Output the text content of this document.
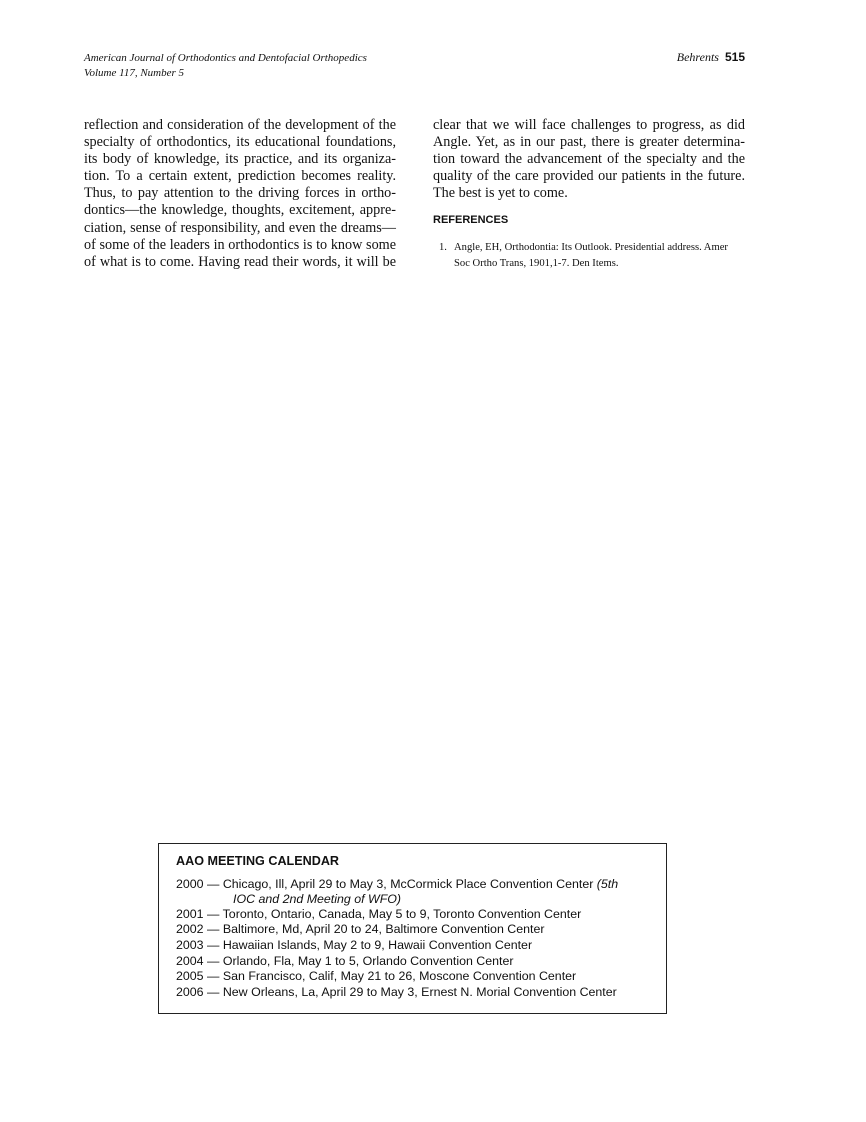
American Journal of Orthodontics and Dentofacial Orthopedics
Volume 117, Number 5
Behrents 515
reflection and consideration of the development of the
specialty of orthodontics, its educational foundations,
its body of knowledge, its practice, and its organiza-
tion. To a certain extent, prediction becomes reality.
Thus, to pay attention to the driving forces in ortho-
dontics—the knowledge, thoughts, excitement, appre-
ciation, sense of responsibility, and even the dreams—
of some of the leaders in orthodontics is to know some
of what is to come. Having read their words, it will be
clear that we will face challenges to progress, as did
Angle. Yet, as in our past, there is greater determina-
tion toward the advancement of the specialty and the
quality of the care provided our patients in the future.
The best is yet to come.
REFERENCES
1. Angle, EH, Orthodontia: Its Outlook. Presidential address. Amer
Soc Ortho Trans, 1901,1-7. Den Items.
AAO MEETING CALENDAR
2000 — Chicago, Ill, April 29 to May 3, McCormick Place Convention Center (5th
IOC and 2nd Meeting of WFO)
2001 — Toronto, Ontario, Canada, May 5 to 9, Toronto Convention Center
2002 — Baltimore, Md, April 20 to 24, Baltimore Convention Center
2003 — Hawaiian Islands, May 2 to 9, Hawaii Convention Center
2004 — Orlando, Fla, May 1 to 5, Orlando Convention Center
2005 — San Francisco, Calif, May 21 to 26, Moscone Convention Center
2006 — New Orleans, La, April 29 to May 3, Ernest N. Morial Convention Center
